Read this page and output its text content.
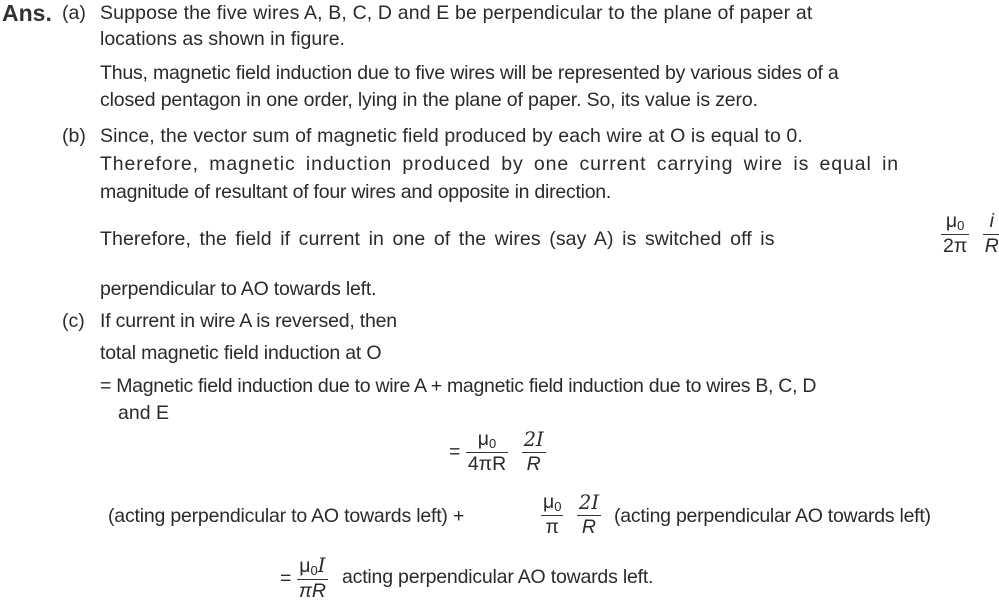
Ans. (a) Suppose the five wires A, B, C, D and E be perpendicular to the plane of paper at
locations as shown in figure.
Thus, magnetic field induction due to five wires will be represented by various sides of a
closed pentagon in one order, lying in the plane of paper. So, its value is zero.
(b) Since, the vector sum of magnetic field produced by each wire at O is equal to 0.
Therefore, magnetic induction produced by one current carrying wire is equal in
magnitude of resultant of four wires and opposite in direction.
Therefore, the field if current in one of the wires (say A) is switched off is	$\frac{\mu_0}{2\pi}$
$\frac{i}{R}$
perpendicular to AO towards left.
(c) If current in wire A is reversed, then
total magnetic field induction at O
= Magnetic field induction due to wire A + magnetic field induction due to wires B, C, D
and E
= $\frac{\mu_0}{4\pi R}$
$\frac{2I}{R}$
(acting perpendicular to AO towards left) +	$\frac{\mu_0}{\pi}$
$\frac{2I}{R}$ (acting perpendicular AO towards left)
= $\frac{\mu_0I}{\pi R}$ acting perpendicular AO towards left.
